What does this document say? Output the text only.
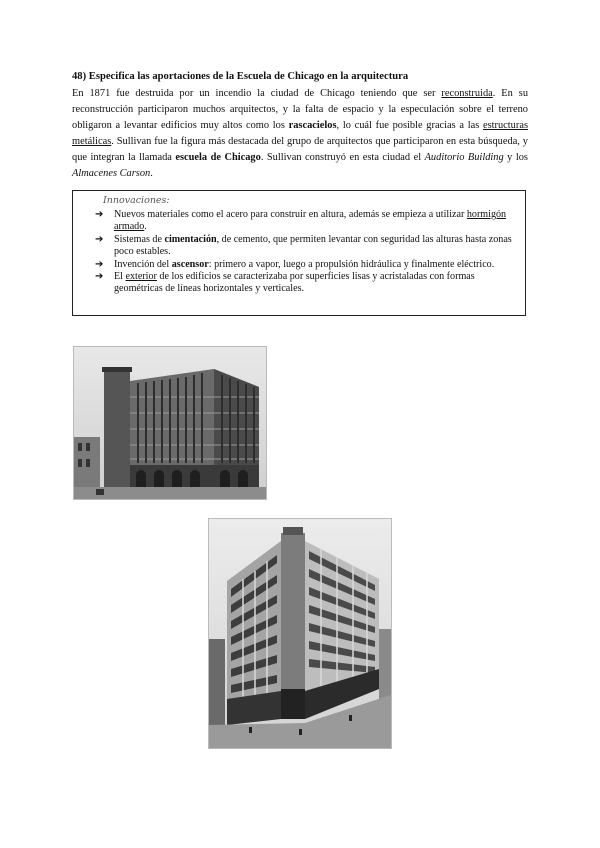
48) Especifica las aportaciones de la Escuela de Chicago en la arquitectura
En 1871 fue destruida por un incendio la ciudad de Chicago teniendo que ser reconstruida. En su reconstrucción participaron muchos arquitectos, y la falta de espacio y la especulación sobre el terreno obligaron a levantar edificios muy altos como los rascacielos, lo cuál fue posible gracias a las estructuras metálicas. Sullivan fue la figura más destacada del grupo de arquitectos que participaron en esta búsqueda, y que integran la llamada escuela de Chicago. Sullivan construyó en esta ciudad el Auditorio Building y los Almacenes Carson.
Innovaciones:
➔ Nuevos materiales como el acero para construir en altura, además se empieza a utilizar hormigón armado.
➔ Sistemas de cimentación, de cemento, que permiten levantar con seguridad las alturas hasta zonas poco estables.
➔ Invención del ascensor: primero a vapor, luego a propulsión hidráulica y finalmente eléctrico.
➔ El exterior de los edificios se caracterizaba por superficies lisas y acristaladas con formas geométricas de líneas horizontales y verticales.
